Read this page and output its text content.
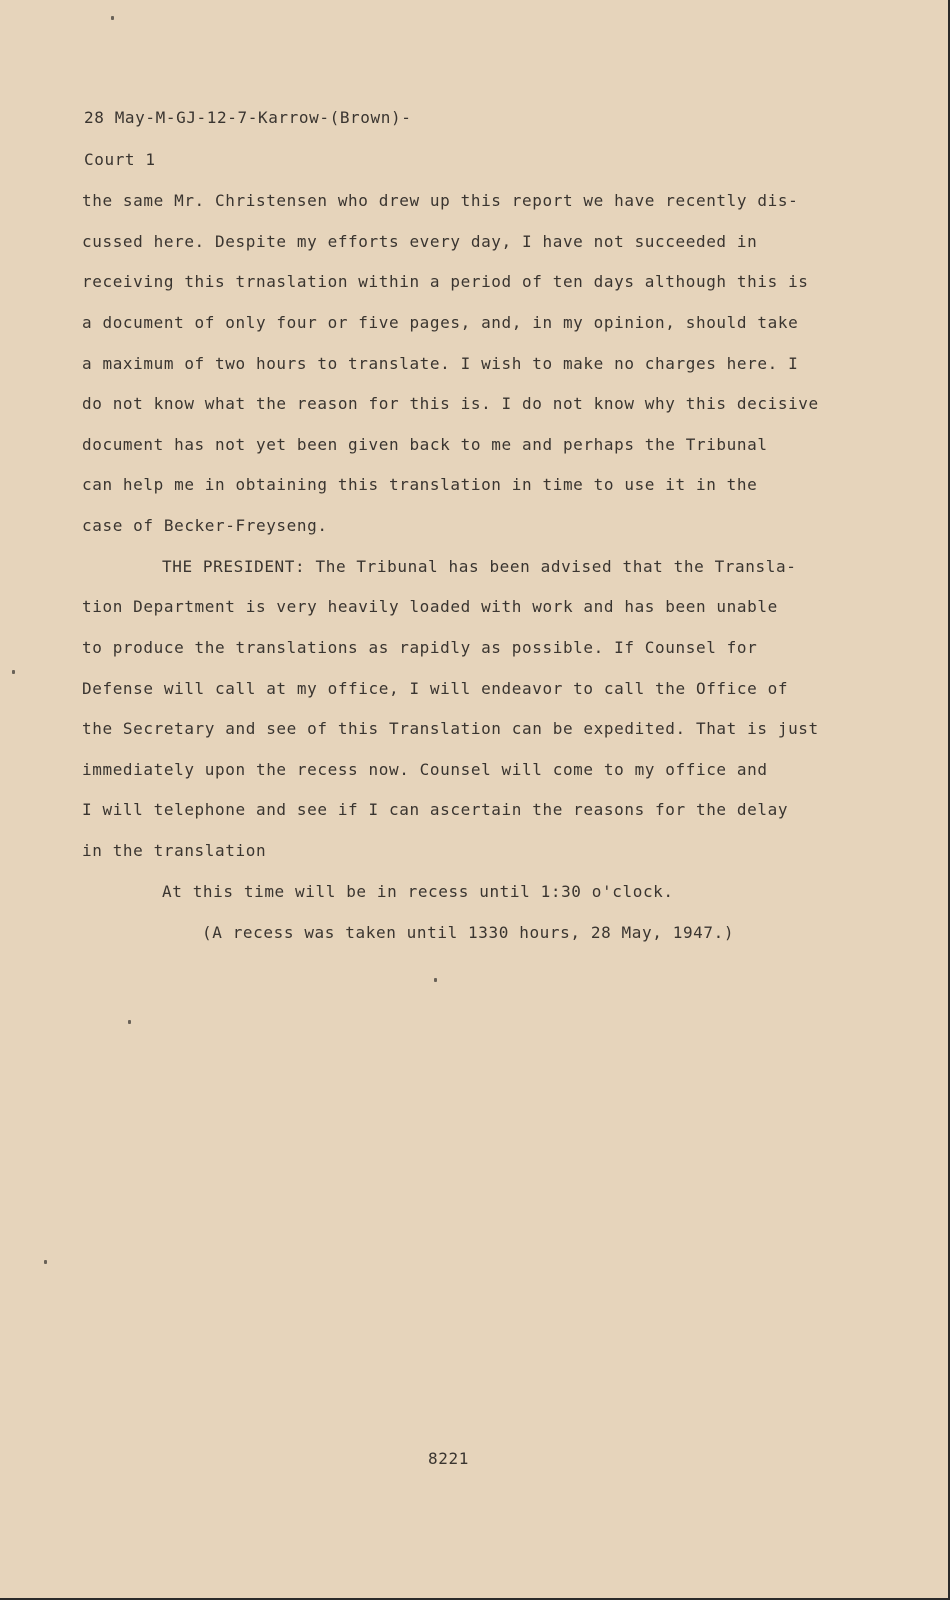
28 May-M-GJ-12-7-Karrow-(Brown)-
Court 1
the same Mr. Christensen who drew up this report we have recently dis-
cussed here. Despite my efforts every day, I have not succeeded in
receiving this trnaslation within a period of ten days although this is
a document of only four or five pages, and, in my opinion, should take
a maximum of two hours to translate. I wish to make no charges here. I
do not know what the reason for this is. I do not know why this decisive
document has not yet been given back to me and perhaps the Tribunal
can help me in obtaining this translation in time to use it in the
case of Becker-Freyseng.
THE PRESIDENT: The Tribunal has been advised that the Transla-
tion Department is very heavily loaded with work and has been unable
to produce the translations as rapidly as possible. If Counsel for
Defense will call at my office, I will endeavor to call the Office of
the Secretary and see of this Translation can be expedited. That is just
immediately upon the recess now. Counsel will come to my office and
I will telephone and see if I can ascertain the reasons for the delay
in the translation
At this time will be in recess until 1:30 o'clock.
(A recess was taken until 1330 hours, 28 May, 1947.)
8221
